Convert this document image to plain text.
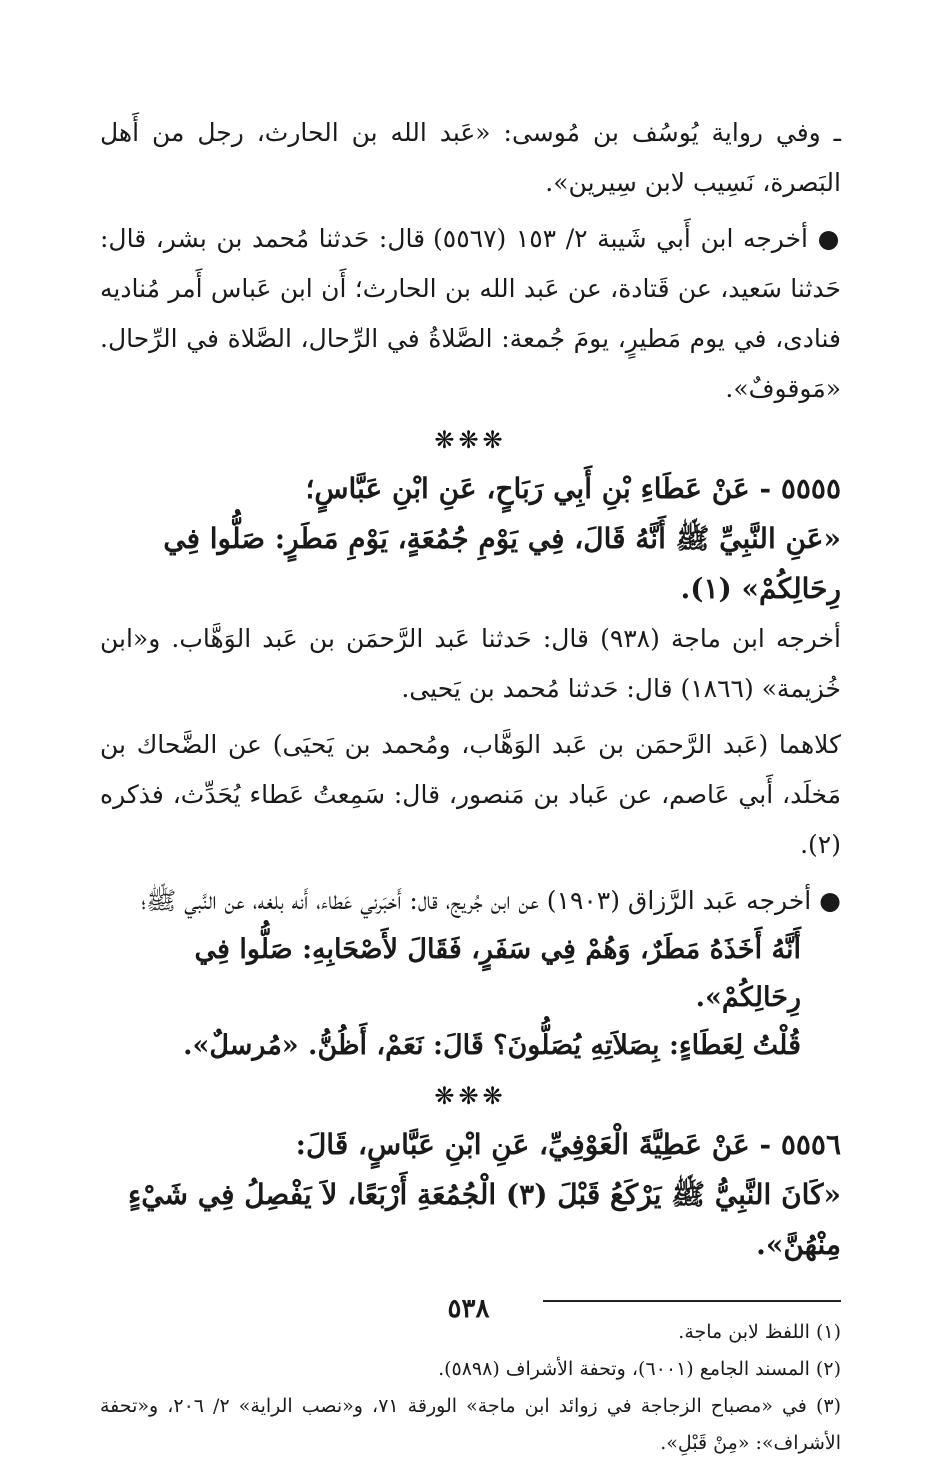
ـ وفي رواية يُوسُف بن مُوسى: «عَبد الله بن الحارث، رجل من أَهل البَصرة، نَسِيب لابن سِيرين».

● أخرجه ابن أَبي شَيبة ٢/ ١٥٣ (٥٥٦٧) قال: حَدثنا مُحمد بن بشر، قال: حَدثنا سَعيد، عن قَتادة، عن عَبد الله بن الحارث؛ أَن ابن عَباس أَمر مُناديه فنادى، في يوم مَطيرٍ، يومَ جُمعة: الصَّلاةُ في الرِّحال، الصَّلاة في الرِّحال. «مَوقوفٌ».

❋❋❋

٥٥٥٥ - عَنْ عَطَاءِ بْنِ أَبِي رَبَاحٍ، عَنِ ابْنِ عَبَّاسٍ؛

«عَنِ النَّبِيِّ ﷺ أَنَّهُ قَالَ، فِي يَوْمِ جُمُعَةٍ، يَوْمِ مَطَرٍ: صَلُّوا فِي رِحَالِكُمْ» (١).

أخرجه ابن ماجة (٩٣٨) قال: حَدثنا عَبد الرَّحمَن بن عَبد الوَهَّاب. و«ابن خُزيمة» (١٨٦٦) قال: حَدثنا مُحمد بن يَحيى.

كلاهما (عَبد الرَّحمَن بن عَبد الوَهَّاب، ومُحمد بن يَحيَى) عن الضَّحاك بن مَخلَد، أَبي عَاصم، عن عَباد بن مَنصور، قال: سَمِعتُ عَطاء يُحَدِّث، فذكره (٢).

● أخرجه عَبد الرَّزاق (١٩٠٣) عن ابن جُريج، قال: أَخبَرني عَطاء، أَنه بلغه، عن النَّبي ﷺ؛

أَنَّهُ أَخَذَهُ مَطَرٌ، وَهُمْ فِي سَفَرٍ، فَقَالَ لأَصْحَابِهِ: صَلُّوا فِي رِحَالِكُمْ».

قُلْتُ لِعَطَاءٍ: بِصَلاَتِهِ يُصَلُّونَ؟ قَالَ: نَعَمْ، أَظُنُّ. «مُرسلٌ».

❋❋❋

٥٥٥٦ - عَنْ عَطِيَّةَ الْعَوْفِيِّ، عَنِ ابْنِ عَبَّاسٍ، قَالَ:

«كَانَ النَّبِيُّ ﷺ يَرْكَعُ قَبْلَ (٣) الْجُمُعَةِ أَرْبَعًا، لاَ يَفْصِلُ فِي شَيْءٍ مِنْهُنَّ».

(١) اللفظ لابن ماجة.

(٢) المسند الجامع (٦٠٠١)، وتحفة الأشراف (٥٨٩٨).

(٣) في «مصباح الزجاجة في زوائد ابن ماجة» الورقة ٧١، و«نصب الراية» ٢/ ٢٠٦، و«تحفة الأشراف»: «مِنْ قَبْلِ».

٥٣٨
